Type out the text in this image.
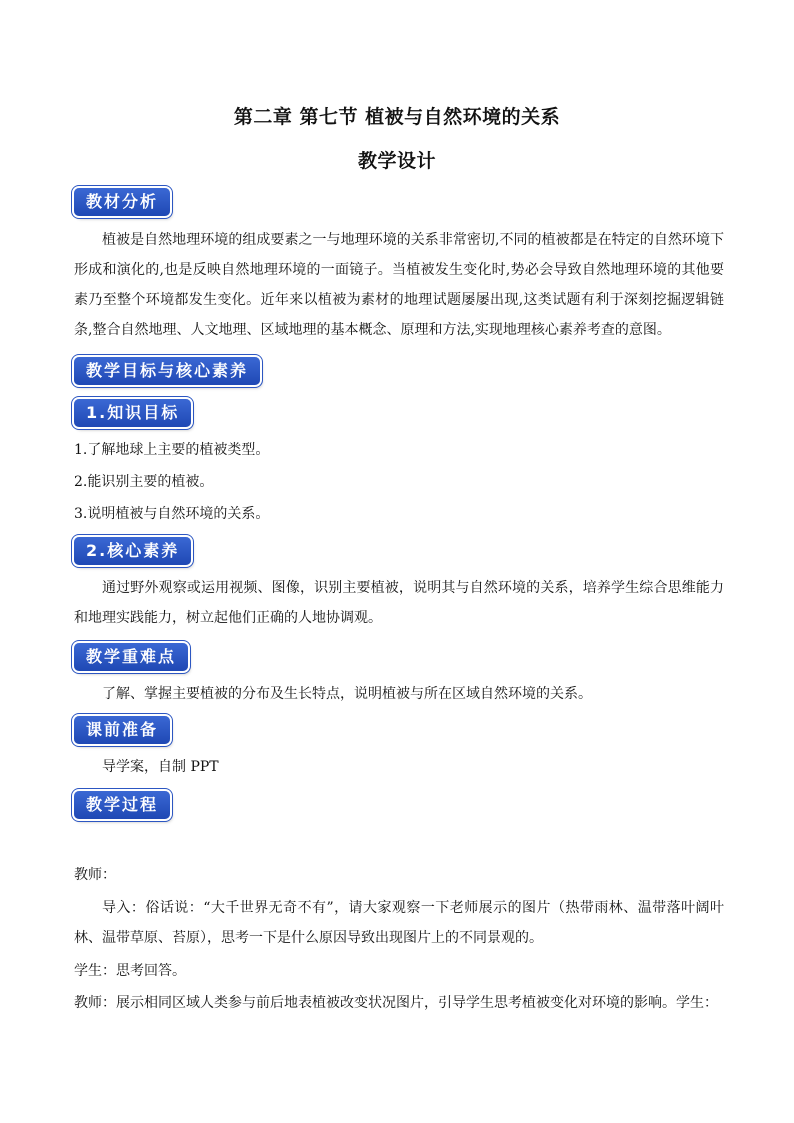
第二章 第七节 植被与自然环境的关系
教学设计
教材分析

植被是自然地理环境的组成要素之一与地理环境的关系非常密切,不同的植被都是在特定的自然环境下形成和演化的,也是反映自然地理环境的一面镜子。当植被发生变化时,势必会导致自然地理环境的其他要素乃至整个环境都发生变化。近年来以植被为素材的地理试题屡屡出现,这类试题有利于深刻挖掘逻辑链条,整合自然地理、人文地理、区域地理的基本概念、原理和方法,实现地理核心素养考查的意图。

教学目标与核心素养
1.知识目标

1.了解地球上主要的植被类型。

2.能识别主要的植被。

3.说明植被与自然环境的关系。

2.核心素养

通过野外观察或运用视频、图像，识别主要植被，说明其与自然环境的关系，培养学生综合思维能力和地理实践能力，树立起他们正确的人地协调观。

教学重难点

了解、掌握主要植被的分布及生长特点，说明植被与所在区域自然环境的关系。

课前准备

导学案，自制 PPT

教学过程

教师：

导入：俗话说：“大千世界无奇不有”，请大家观察一下老师展示的图片（热带雨林、温带落叶阔叶林、温带草原、苔原），思考一下是什么原因导致出现图片上的不同景观的。

学生：思考回答。

教师：展示相同区域人类参与前后地表植被改变状况图片，引导学生思考植被变化对环境的影响。学生：
